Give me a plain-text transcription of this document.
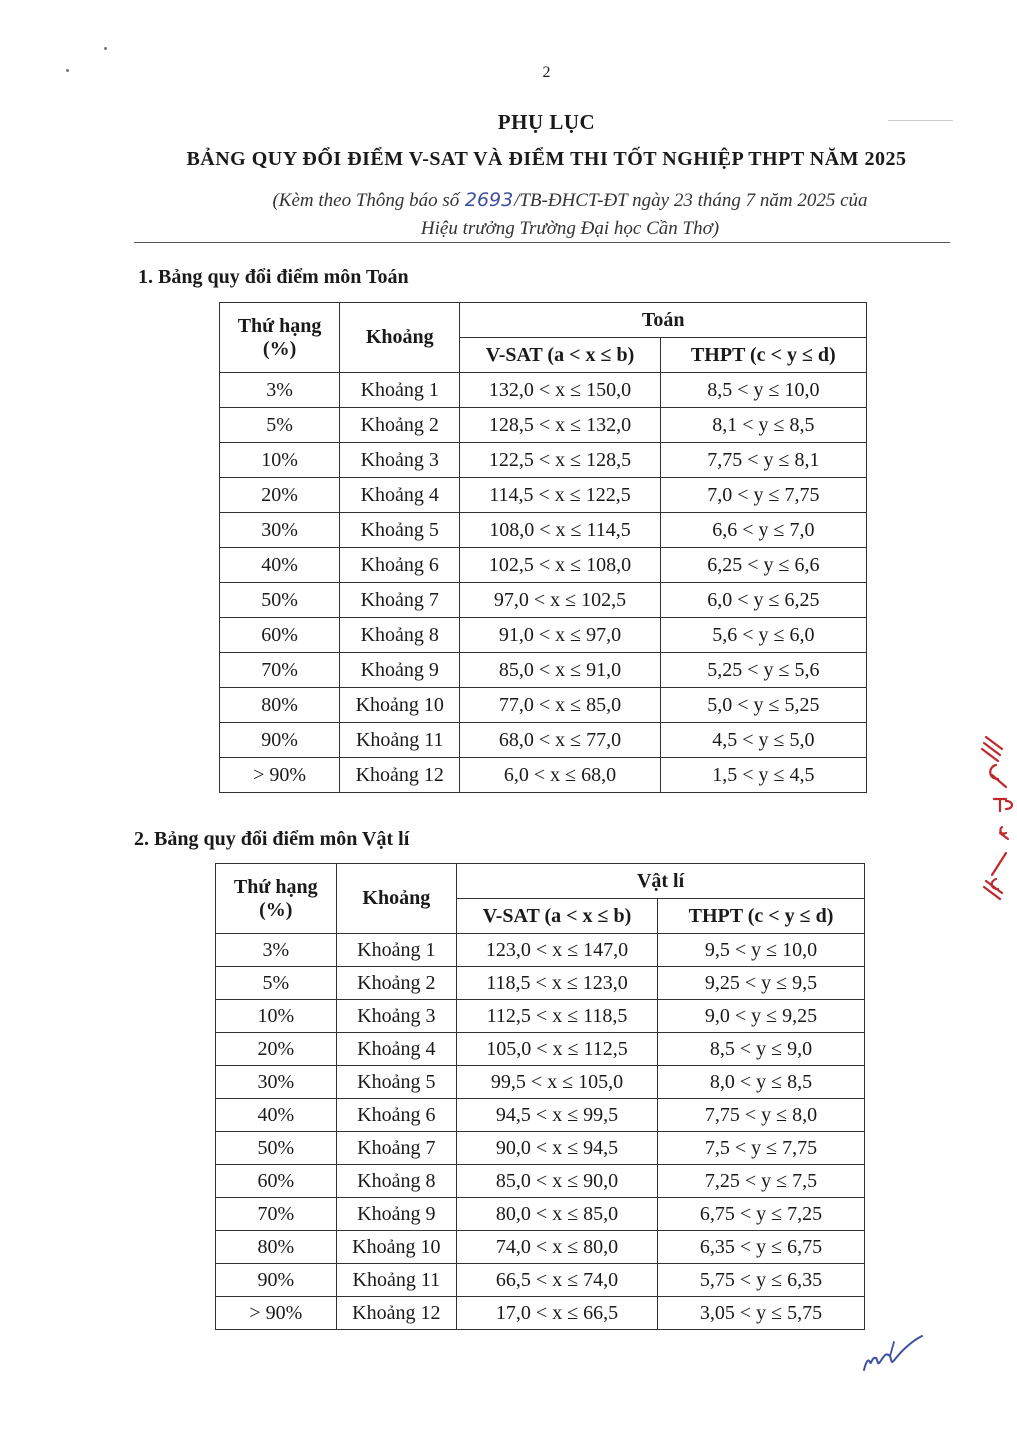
2
PHỤ LỤC
BẢNG QUY ĐỔI ĐIỂM V-SAT VÀ ĐIỂM THI TỐT NGHIỆP THPT NĂM 2025
(Kèm theo Thông báo số 2693/TB-ĐHCT-ĐT ngày 23 tháng 7 năm 2025 của
Hiệu trưởng Trường Đại học Cần Thơ)
1. Bảng quy đổi điểm môn Toán
Thứ hạng
(%)	Khoảng	Toán	
		V-SAT (a < x ≤ b)	THPT (c < y ≤ d)
3%	Khoảng 1	132,0 < x ≤ 150,0	8,5 < y ≤ 10,0
5%	Khoảng 2	128,5 < x ≤ 132,0	8,1 < y ≤ 8,5
10%	Khoảng 3	122,5 < x ≤ 128,5	7,75 < y ≤ 8,1
20%	Khoảng 4	114,5 < x ≤ 122,5	7,0 < y ≤ 7,75
30%	Khoảng 5	108,0 < x ≤ 114,5	6,6 < y ≤ 7,0
40%	Khoảng 6	102,5 < x ≤ 108,0	6,25 < y ≤ 6,6
50%	Khoảng 7	97,0 < x ≤ 102,5	6,0 < y ≤ 6,25
60%	Khoảng 8	91,0 < x ≤ 97,0	5,6 < y ≤ 6,0
70%	Khoảng 9	85,0 < x ≤ 91,0	5,25 < y ≤ 5,6
80%	Khoảng 10	77,0 < x ≤ 85,0	5,0 < y ≤ 5,25
90%	Khoảng 11	68,0 < x ≤ 77,0	4,5 < y ≤ 5,0
> 90%	Khoảng 12	6,0 < x ≤ 68,0	1,5 < y ≤ 4,5
2. Bảng quy đổi điểm môn Vật lí
Thứ hạng
(%)	Khoảng	Vật lí	
		V-SAT (a < x ≤ b)	THPT (c < y ≤ d)
3%	Khoảng 1	123,0 < x ≤ 147,0	9,5 < y ≤ 10,0
5%	Khoảng 2	118,5 < x ≤ 123,0	9,25 < y ≤ 9,5
10%	Khoảng 3	112,5 < x ≤ 118,5	9,0 < y ≤ 9,25
20%	Khoảng 4	105,0 < x ≤ 112,5	8,5 < y ≤ 9,0
30%	Khoảng 5	99,5 < x ≤ 105,0	8,0 < y ≤ 8,5
40%	Khoảng 6	94,5 < x ≤ 99,5	7,75 < y ≤ 8,0
50%	Khoảng 7	90,0 < x ≤ 94,5	7,5 < y ≤ 7,75
60%	Khoảng 8	85,0 < x ≤ 90,0	7,25 < y ≤ 7,5
70%	Khoảng 9	80,0 < x ≤ 85,0	6,75 < y ≤ 7,25
80%	Khoảng 10	74,0 < x ≤ 80,0	6,35 < y ≤ 6,75
90%	Khoảng 11	66,5 < x ≤ 74,0	5,75 < y ≤ 6,35
> 90%	Khoảng 12	17,0 < x ≤ 66,5	3,05 < y ≤ 5,75
